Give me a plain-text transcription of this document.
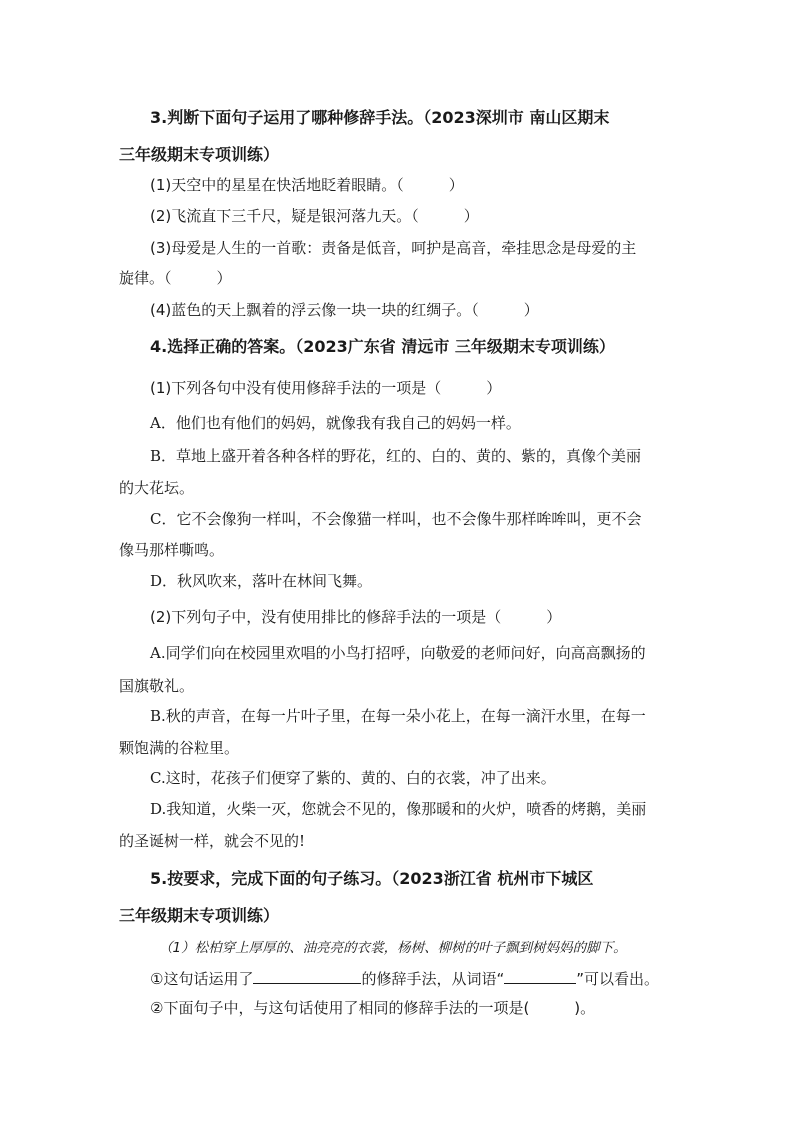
3.判断下面句子运用了哪种修辞手法。（2023深圳市 南山区期末
三年级期末专项训练）
(1)天空中的星星在快活地眨着眼睛。（　　　）
(2)飞流直下三千尺，疑是银河落九天。（　　　）
(3)母爱是人生的一首歌：责备是低音，呵护是高音，牵挂思念是母爱的主
旋律。（　　　）
(4)蓝色的天上飘着的浮云像一块一块的红绸子。（　　　）
4.选择正确的答案。（2023广东省 清远市 三年级期末专项训练）
(1)下列各句中没有使用修辞手法的一项是（　　　）
A．他们也有他们的妈妈，就像我有我自己的妈妈一样。
B．草地上盛开着各种各样的野花，红的、白的、黄的、紫的，真像个美丽
的大花坛。
C．它不会像狗一样叫，不会像猫一样叫，也不会像牛那样哞哞叫，更不会
像马那样嘶鸣。
D．秋风吹来，落叶在林间飞舞。
(2)下列句子中，没有使用排比的修辞手法的一项是（　　　）
A.同学们向在校园里欢唱的小鸟打招呼，向敬爱的老师问好，向高高飘扬的
国旗敬礼。
B.秋的声音，在每一片叶子里，在每一朵小花上，在每一滴汗水里，在每一
颗饱满的谷粒里。
C.这时，花孩子们便穿了紫的、黄的、白的衣裳，冲了出来。
D.我知道，火柴一灭，您就会不见的，像那暖和的火炉，喷香的烤鹅，美丽
的圣诞树一样，就会不见的!
5.按要求，完成下面的句子练习。（2023浙江省 杭州市下城区
三年级期末专项训练）
（1）松柏穿上厚厚的、油亮亮的衣裳，杨树、柳树的叶子飘到树妈妈的脚下。
①这句话运用了	的修辞手法，从词语“	”可以看出。
②下面句子中，与这句话使用了相同的修辞手法的一项是(　　　)。
